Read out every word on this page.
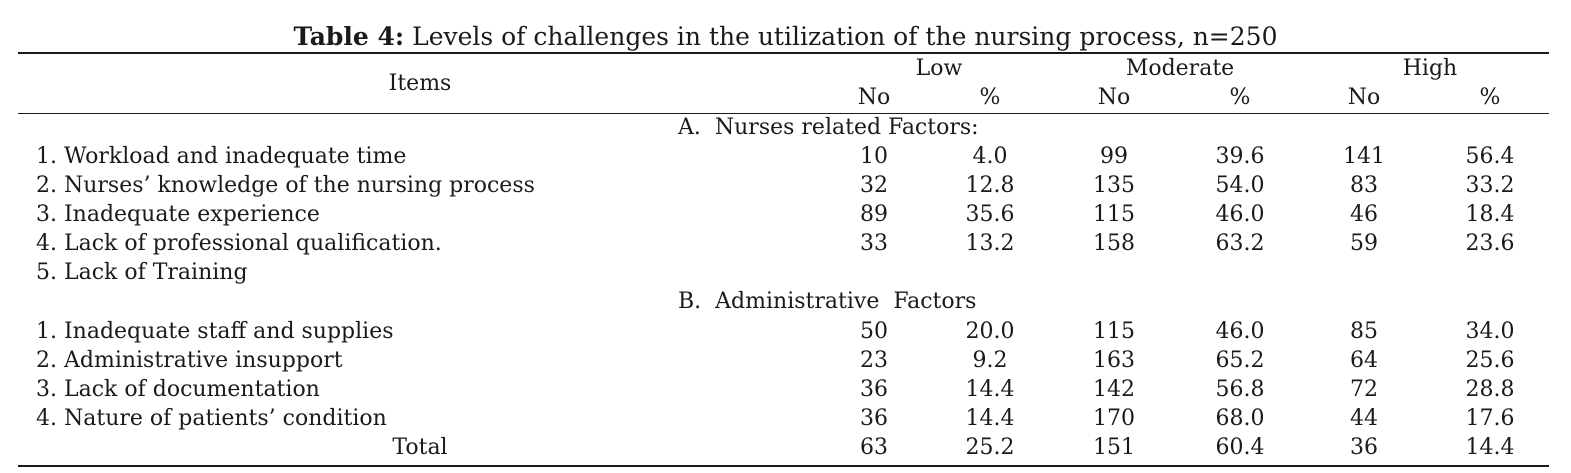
Table 4: Levels of challenges in the utilization of the nursing process, n=250
Items
Low	Moderate	High
No	%	No	%	No	%
A. Nurses related Factors:
1. Workload and inadequate time	10	4.0	99	39.6	141	56.4
2. Nurses’ knowledge of the nursing process	32	12.8	135	54.0	83	33.2
3. Inadequate experience	89	35.6	115	46.0	46	18.4
4. Lack of professional qualification.	33	13.2	158	63.2	59	23.6
5. Lack of Training
B. Administrative  Factors
1. Inadequate staff and supplies	50	20.0	115	46.0	85	34.0
2. Administrative insupport	23	9.2	163	65.2	64	25.6
3. Lack of documentation	36	14.4	142	56.8	72	28.8
4. Nature of patients’ condition	36	14.4	170	68.0	44	17.6
Total	63	25.2	151	60.4	36	14.4
